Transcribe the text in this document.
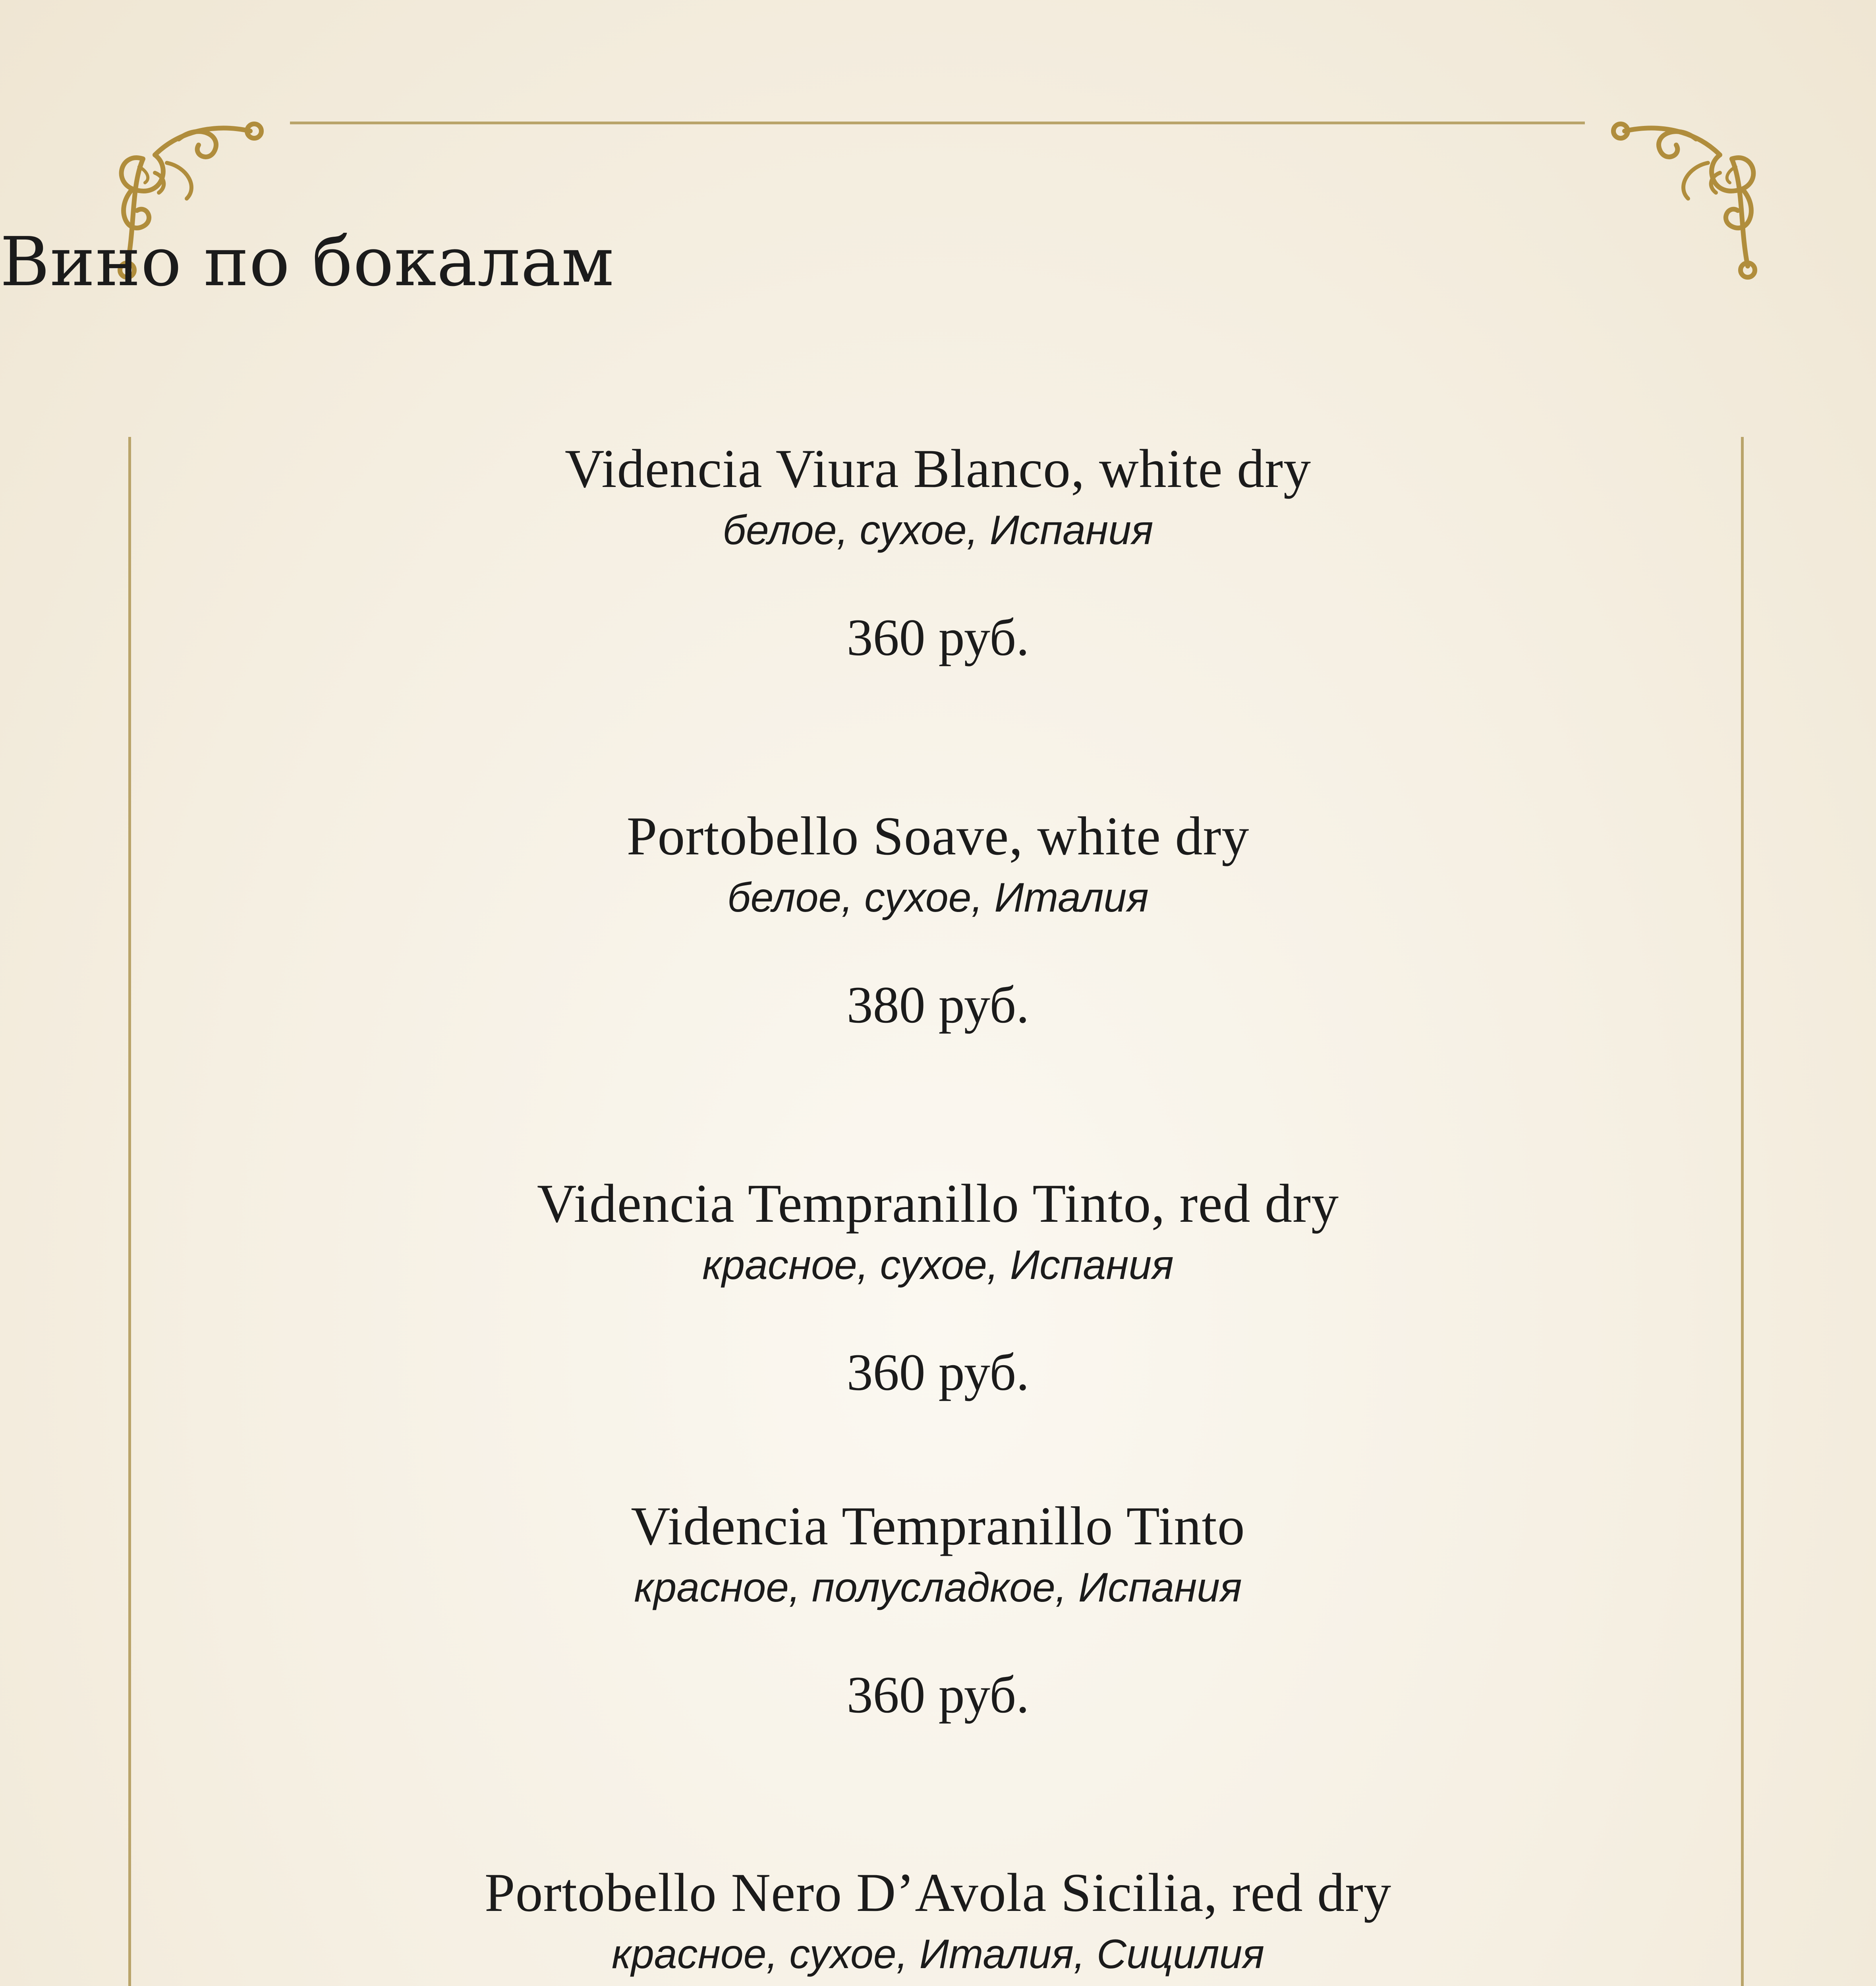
Вино по бокалам
Videncia Viura Blanco, white dry
белое, сухое, Испания
360 руб.
Portobello Soave, white dry
белое, сухое, Италия
380 руб.
Videncia Tempranillo Tinto, red dry
красное, сухое, Испания
360 руб.
Videncia Tempranillo Tinto
красное, полусладкое, Испания
360 руб.
Portobello Nero D’Avola Sicilia, red dry
красное, сухое, Италия, Сицилия
